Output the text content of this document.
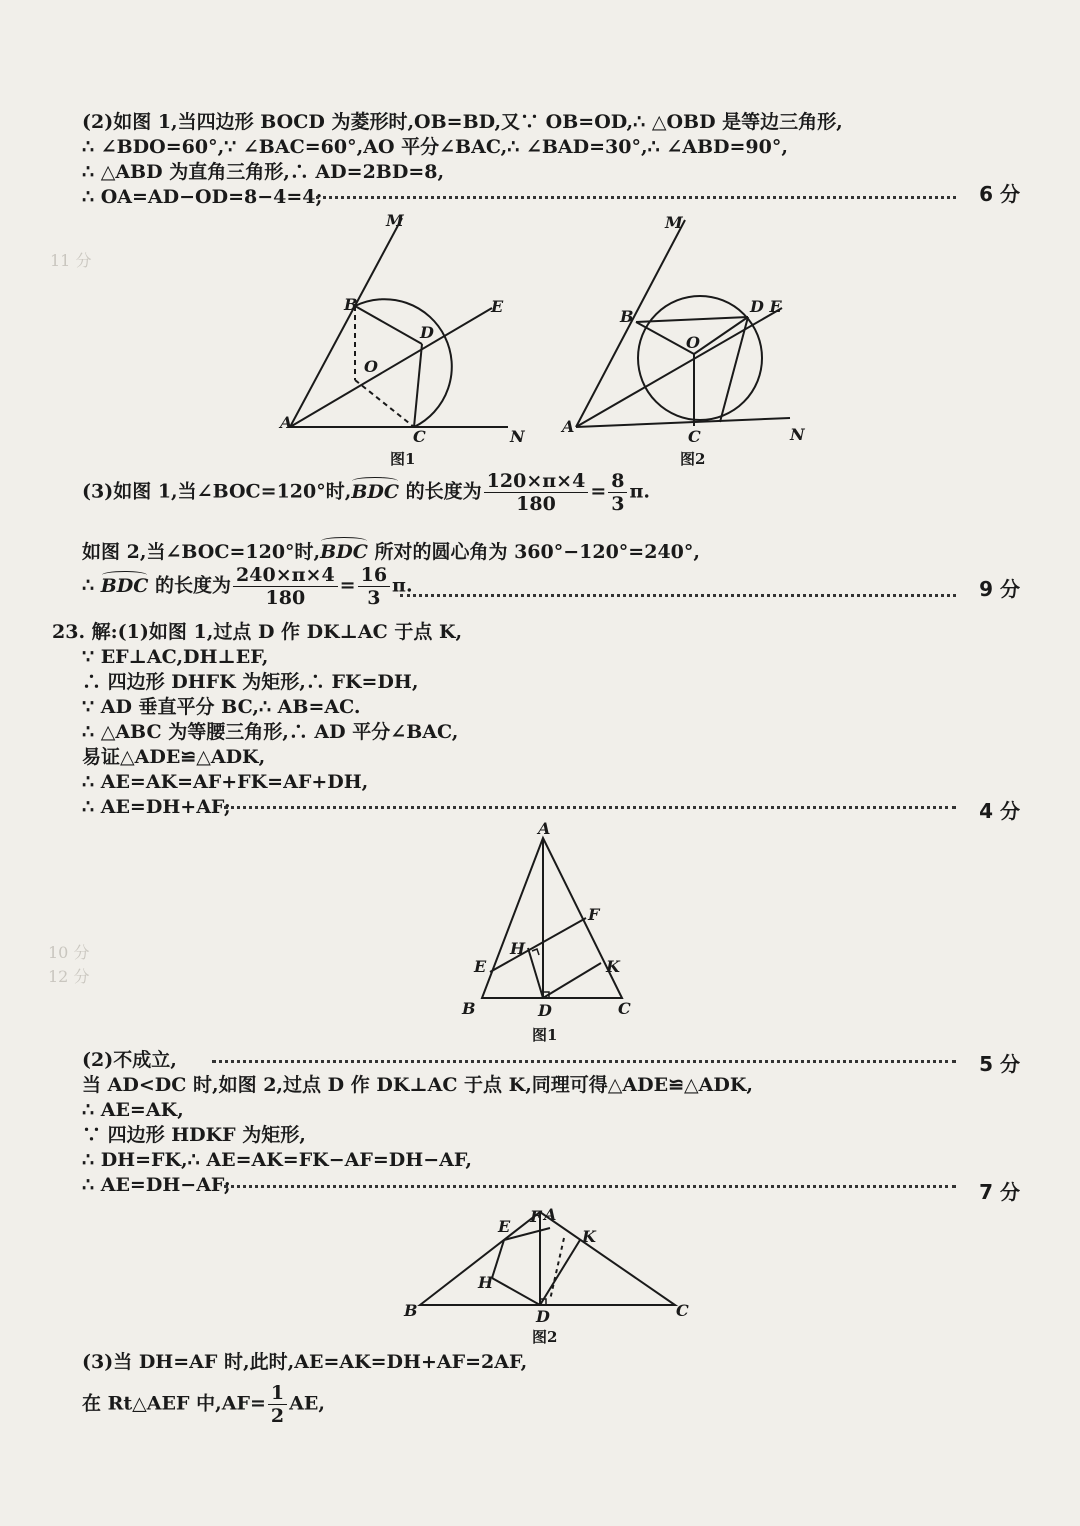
11 分
10 分
12 分
(2)如图 1,当四边形 BOCD 为菱形时,OB=BD,又∵ OB=OD,∴ △OBD 是等边三角形,
∴ ∠BDO=60°,∵ ∠BAC=60°,AO 平分∠BAC,∴ ∠BAD=30°,∴ ∠ABD=90°,
∴ △ABD 为直角三角形,∴ AD=2BD=8,
∴ OA=AD−OD=8−4=4;	6 分
M
B	E
D
O
A
C	N
图1
M
B
D E
O
A
C	N
图2
(3)如图 1,当∠BOC=120°时,BDC 的长度为 $\frac{120\times\pi\times 4}{180} = \frac{8}{3} \pi$.
如图 2,当∠BOC=120°时,BDC 所对的圆心角为 360°−120°=240°,
∴ BDC 的长度为 $\frac{240\times\pi\times 4}{180} = \frac{16}{3} \pi$.	9 分
23. 解:(1)如图 1,过点 D 作 DK⊥AC 于点 K,
∵ EF⊥AC,DH⊥EF,
∴ 四边形 DHFK 为矩形,∴ FK=DH,
∵ AD 垂直平分 BC,∴ AB=AC.
∴ △ABC 为等腰三角形,∴ AD 平分∠BAC,
易证△ADE≌△ADK,
∴ AE=AK=AF+FK=AF+DH,
∴ AE=DH+AF;	4 分
A
F
H
E	K
B	D	C
图1
(2)不成立,	5 分
当 AD<DC 时,如图 2,过点 D 作 DK⊥AC 于点 K,同理可得△ADE≌△ADK,
∴ AE=AK,
∵ 四边形 HDKF 为矩形,
∴ DH=FK,∴ AE=AK=FK−AF=DH−AF,
∴ AE=DH−AF;	7 分
E
F A
K
H
B	D	C
图2
(3)当 DH=AF 时,此时,AE=AK=DH+AF=2AF,
在 Rt△AEF 中$,AF= \frac{1}{2}$ AE,
